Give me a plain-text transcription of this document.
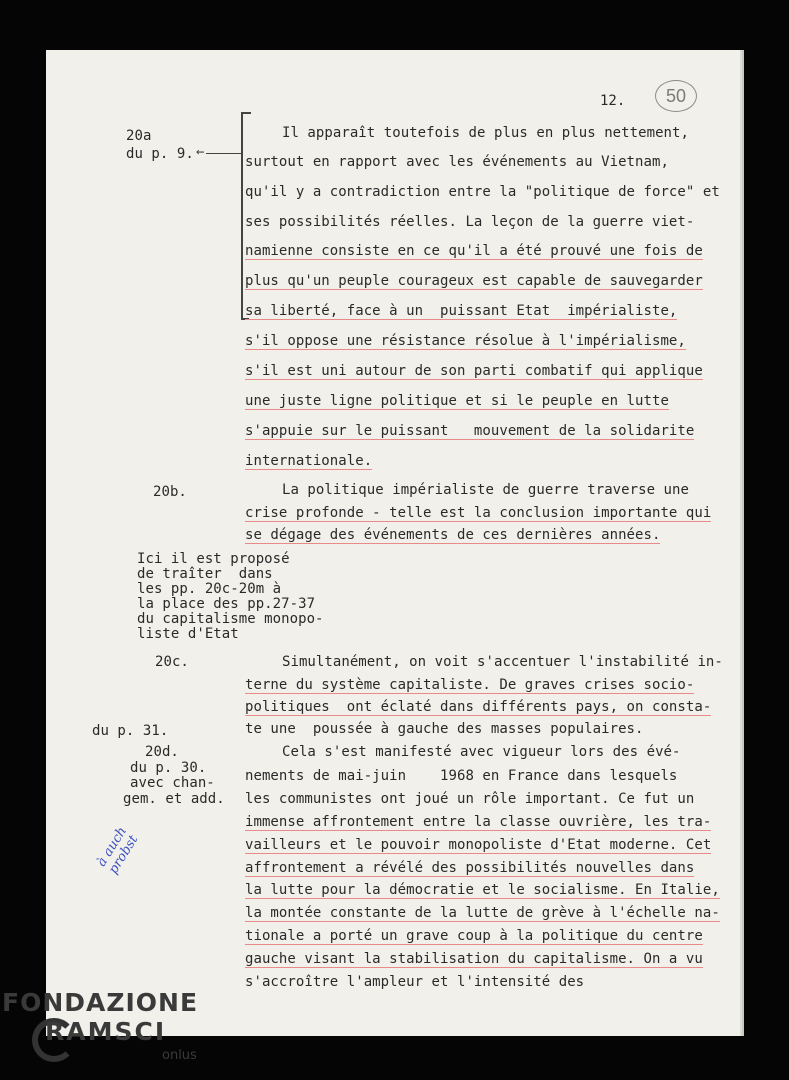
12.	50
←
20a
du p. 9.
20b.
Ici il est proposé
de traîter  dans
les pp. 20c-20m à
la place des pp.27-37
du capitalisme monopo-
liste d'Etat
20c.
du p. 31.
20d.
du p. 30.
avec chan-
gem. et add.
Il apparaît toutefois de plus en plus nettement,
surtout en rapport avec les événements au Vietnam,
qu'il y a contradiction entre la "politique de force" et
ses possibilités réelles. La leçon de la guerre viet-
namienne consiste en ce qu'il a été prouvé une fois de
plus qu'un peuple courageux est capable de sauvegarder
sa liberté, face à un  puissant Etat  impérialiste,
s'il oppose une résistance résolue à l'impérialisme,
s'il est uni autour de son parti combatif qui applique
une juste ligne politique et si le peuple en lutte
s'appuie sur le puissant   mouvement de la solidarite
internationale.
La politique impérialiste de guerre traverse une
crise profonde - telle est la conclusion importante qui
se dégage des événements de ces dernières années.
Simultanément, on voit s'accentuer l'instabilité in-
terne du système capitaliste. De graves crises socio-
politiques  ont éclaté dans différents pays, on consta-
te une  poussée à gauche des masses populaires.
Cela s'est manifesté avec vigueur lors des évé-
nements de mai-juin    1968 en France dans lesquels
les communistes ont joué un rôle important. Ce fut un
immense affrontement entre la classe ouvrière, les tra-
vailleurs et le pouvoir monopoliste d'Etat moderne. Cet
affrontement a révélé des possibilités nouvelles dans
la lutte pour la démocratie et le socialisme. En Italie,
la montée constante de la lutte de grève à l'échelle na-
tionale a porté un grave coup à la politique du centre
gauche visant la stabilisation du capitalisme. On a vu
s'accroître l'ampleur et l'intensité des
à auch
probst
FONDAZIONE
RAMSCI
onlus
